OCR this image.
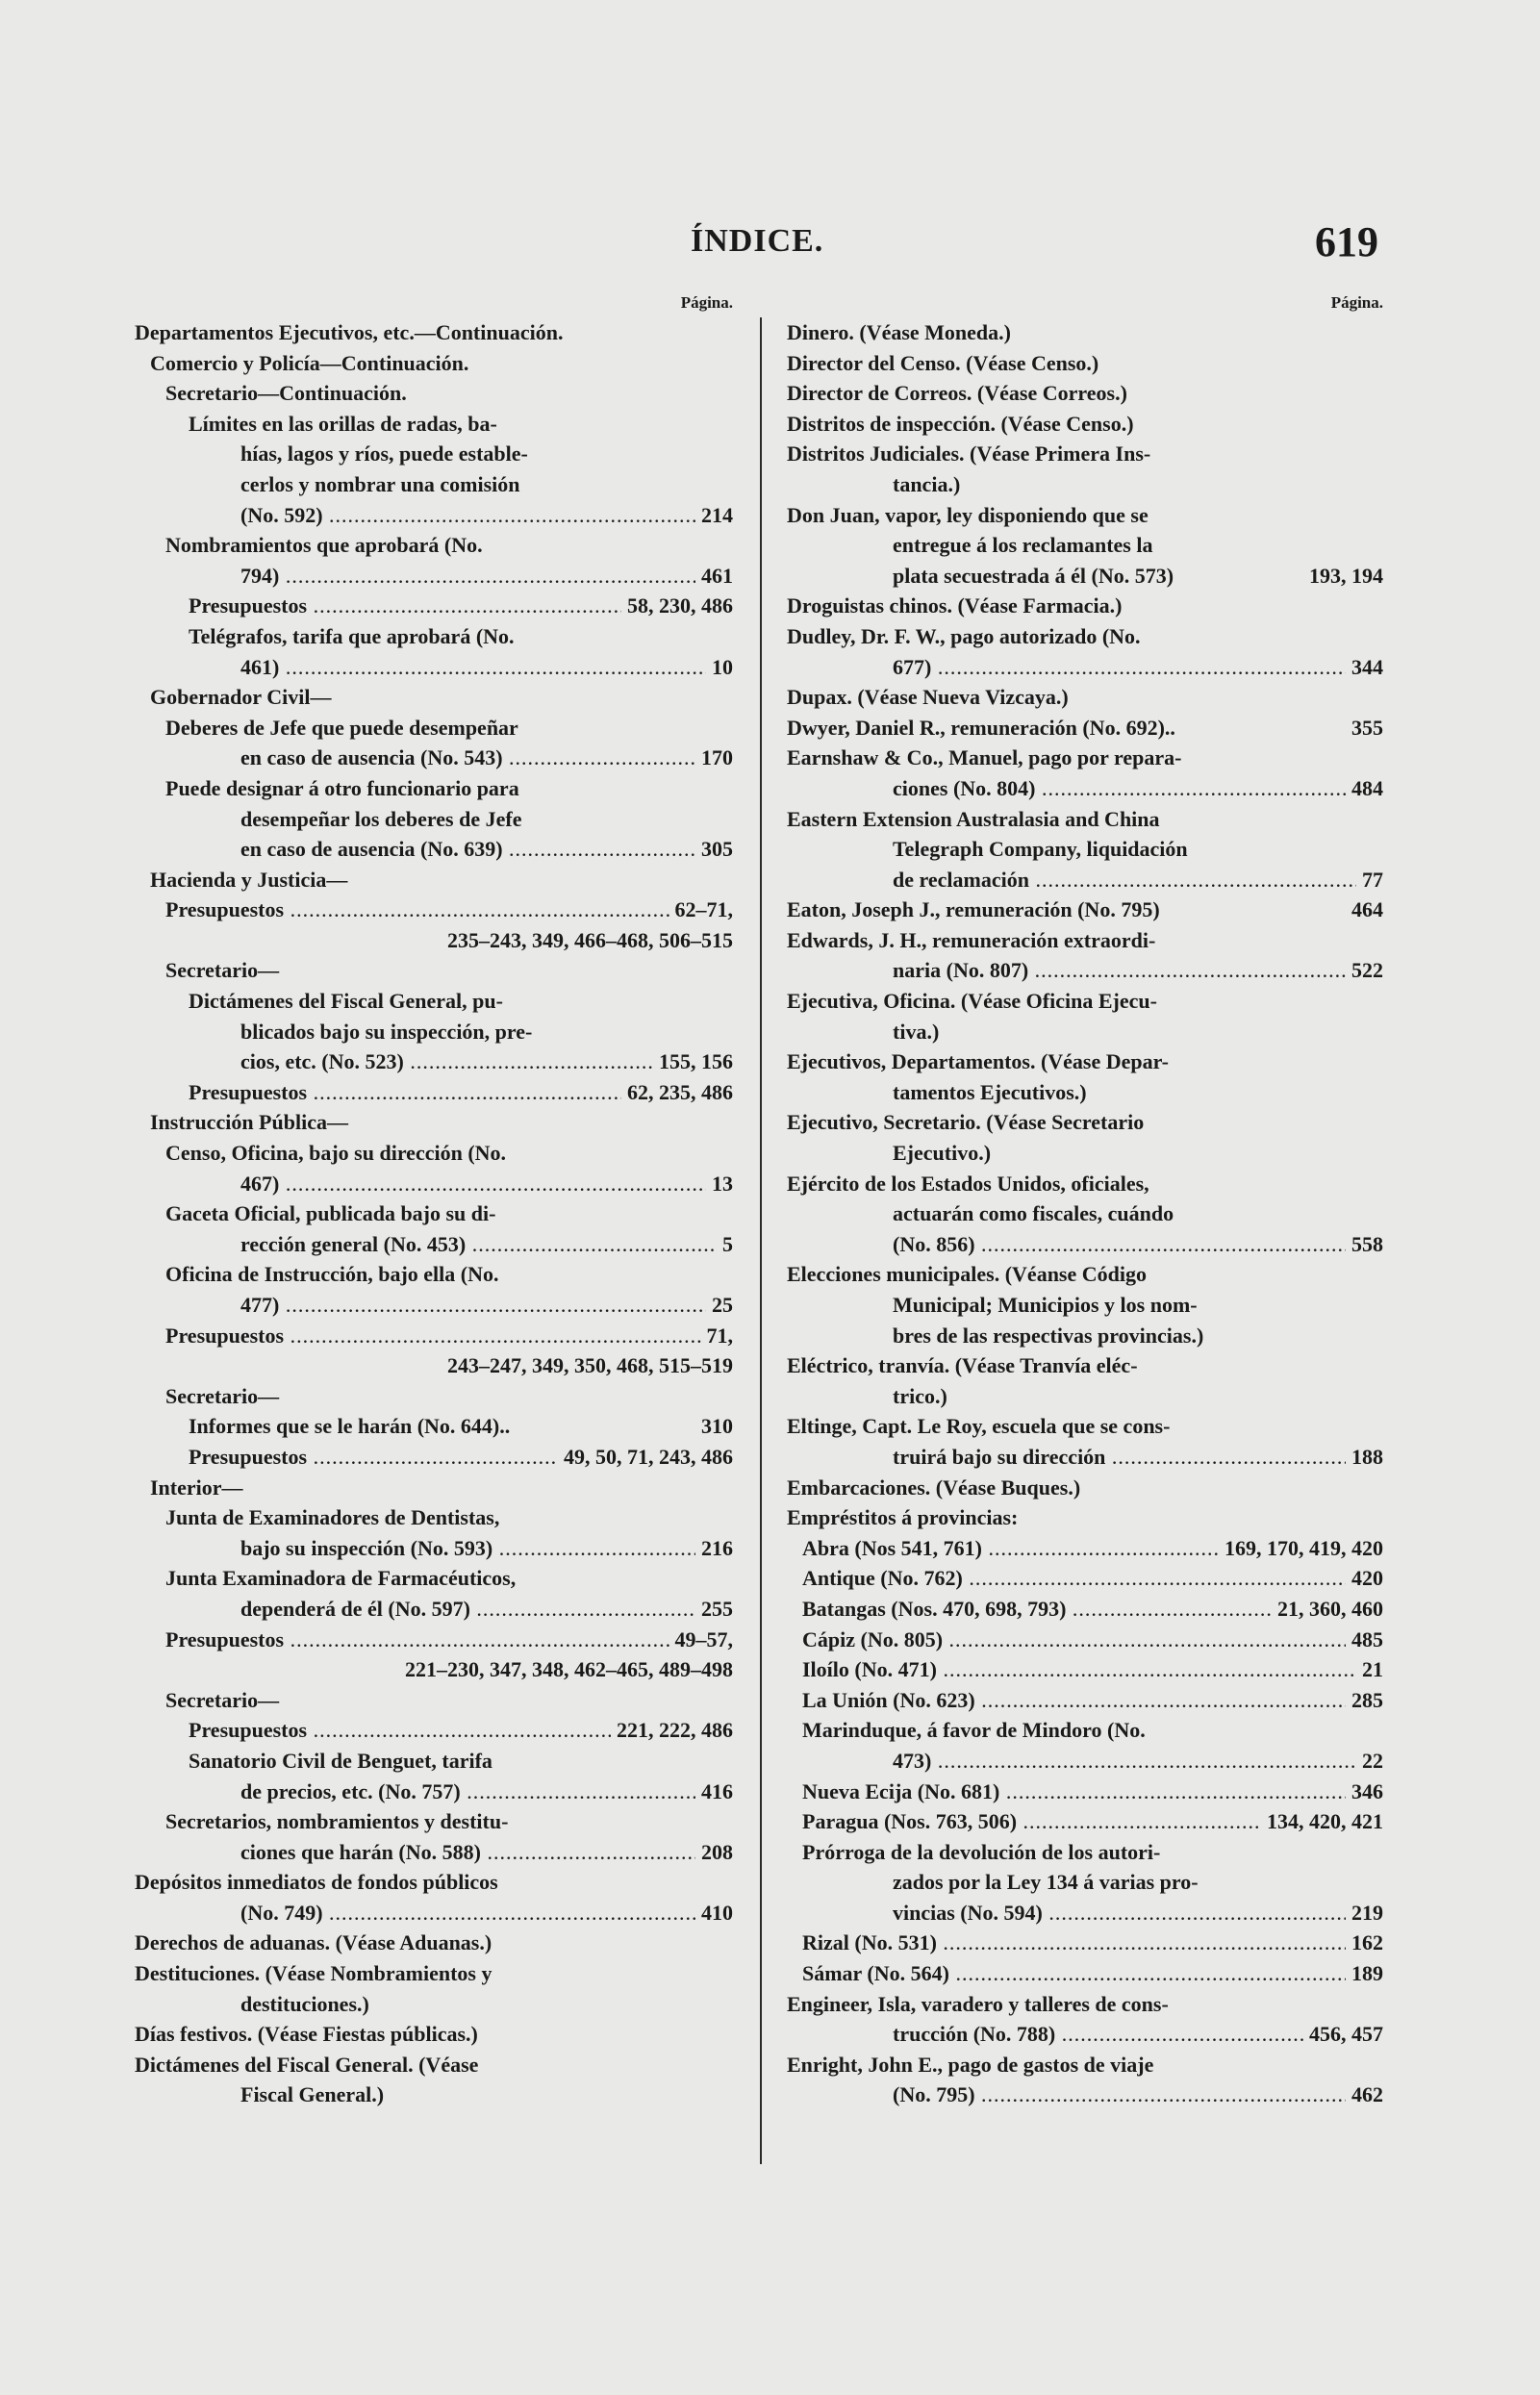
ÍNDICE.	619
Página.
Departamentos Ejecutivos, etc.—Continuación.
Comercio y Policía—Continuación.
Secretario—Continuación.
Límites en las orillas de radas, ba-
hías, lagos y ríos, puede estable-
cerlos y nombrar una comisión
(No. 592) .....	214
Nombramientos que aprobará (No.
794) .....	461
Presupuestos .....	58, 230, 486
Telégrafos, tarifa que aprobará (No.
461) .....	10
Gobernador Civil—
Deberes de Jefe que puede desempeñar
en caso de ausencia (No. 543) .....	170
Puede designar á otro funcionario para
desempeñar los deberes de Jefe
en caso de ausencia (No. 639) .....	305
Hacienda y Justicia—
Presupuestos .....	62–71,
235–243, 349, 466–468, 506–515
Secretario—
Dictámenes del Fiscal General, pu-
blicados bajo su inspección, pre-
cios, etc. (No. 523) .....	155, 156
Presupuestos .....	62, 235, 486
Instrucción Pública—
Censo, Oficina, bajo su dirección (No.
467) .....	13
Gaceta Oficial, publicada bajo su di-
rección general (No. 453) .....	5
Oficina de Instrucción, bajo ella (No.
477) .....	25
Presupuestos .....	71,
243–247, 349, 350, 468, 515–519
Secretario—
Informes que se le harán (No. 644)..	310
Presupuestos .....	49, 50, 71, 243, 486
Interior—
Junta de Examinadores de Dentistas,
bajo su inspección (No. 593) .....	216
Junta Examinadora de Farmacéuticos,
dependerá de él (No. 597) .....	255
Presupuestos .....	49–57,
221–230, 347, 348, 462–465, 489–498
Secretario—
Presupuestos .....	221, 222, 486
Sanatorio Civil de Benguet, tarifa
de precios, etc. (No. 757) .....	416
Secretarios, nombramientos y destitu-
ciones que harán (No. 588) .....	208
Depósitos inmediatos de fondos públicos
(No. 749) .....	410
Derechos de aduanas. (Véase Aduanas.)
Destituciones. (Véase Nombramientos y
destituciones.)
Días festivos. (Véase Fiestas públicas.)
Dictámenes del Fiscal General. (Véase
Fiscal General.)
Página.
Dinero. (Véase Moneda.)
Director del Censo. (Véase Censo.)
Director de Correos. (Véase Correos.)
Distritos de inspección. (Véase Censo.)
Distritos Judiciales. (Véase Primera Ins-
tancia.)
Don Juan, vapor, ley disponiendo que se
entregue á los reclamantes la
plata secuestrada á él (No. 573)	193, 194
Droguistas chinos. (Véase Farmacia.)
Dudley, Dr. F. W., pago autorizado (No.
677) .....	344
Dupax. (Véase Nueva Vizcaya.)
Dwyer, Daniel R., remuneración (No. 692)..	355
Earnshaw & Co., Manuel, pago por repara-
ciones (No. 804) .....	484
Eastern Extension Australasia and China
Telegraph Company, liquidación
de reclamación .....	77
Eaton, Joseph J., remuneración (No. 795)	464
Edwards, J. H., remuneración extraordi-
naria (No. 807) .....	522
Ejecutiva, Oficina. (Véase Oficina Ejecu-
tiva.)
Ejecutivos, Departamentos. (Véase Depar-
tamentos Ejecutivos.)
Ejecutivo, Secretario. (Véase Secretario
Ejecutivo.)
Ejército de los Estados Unidos, oficiales,
actuarán como fiscales, cuándo
(No. 856) .....	558
Elecciones municipales. (Véanse Código
Municipal; Municipios y los nom-
bres de las respectivas provincias.)
Eléctrico, tranvía. (Véase Tranvía eléc-
trico.)
Eltinge, Capt. Le Roy, escuela que se cons-
truirá bajo su dirección .....	188
Embarcaciones. (Véase Buques.)
Empréstitos á provincias:
Abra (Nos 541, 761) .....	169, 170, 419, 420
Antique (No. 762) .....	420
Batangas (Nos. 470, 698, 793) .....	21, 360, 460
Cápiz (No. 805) .....	485
Iloílo (No. 471) .....	21
La Unión (No. 623) .....	285
Marinduque, á favor de Mindoro (No.
473) .....	22
Nueva Ecija (No. 681) .....	346
Paragua (Nos. 763, 506) .....	134, 420, 421
Prórroga de la devolución de los autori-
zados por la Ley 134 á varias pro-
vincias (No. 594) .....	219
Rizal (No. 531) .....	162
Sámar (No. 564) .....	189
Engineer, Isla, varadero y talleres de cons-
trucción (No. 788) .....	456, 457
Enright, John E., pago de gastos de viaje
(No. 795) .....	462
